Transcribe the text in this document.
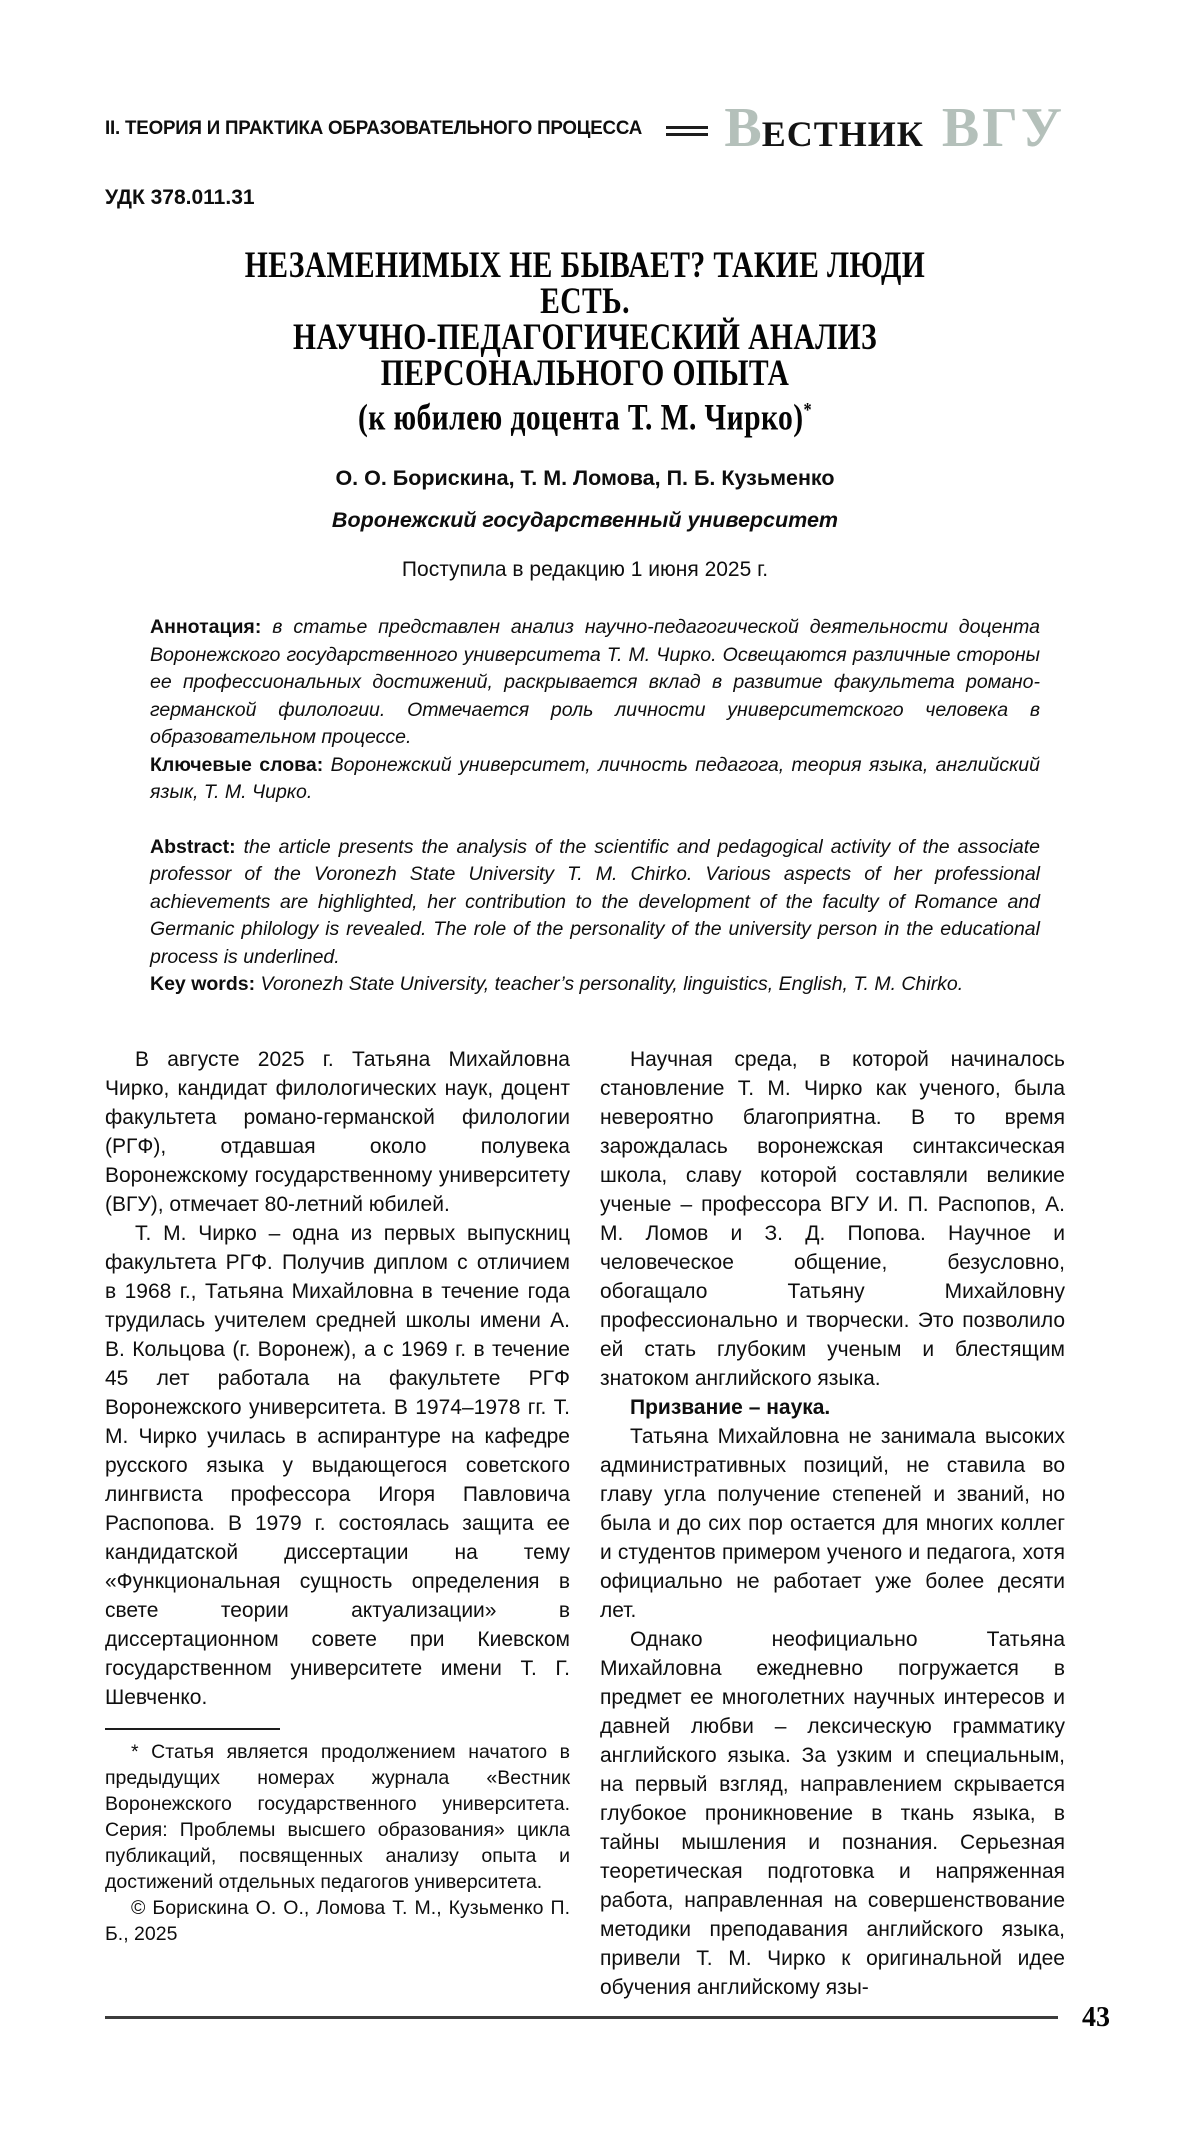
II. ТЕОРИЯ И ПРАКТИКА ОБРАЗОВАТЕЛЬНОГО ПРОЦЕССА ВЕСТНИК ВГУ
УДК 378.011.31
НЕЗАМЕНИМЫХ НЕ БЫВАЕТ? ТАКИЕ ЛЮДИ ЕСТЬ.
НАУЧНО-ПЕДАГОГИЧЕСКИЙ АНАЛИЗ
ПЕРСОНАЛЬНОГО ОПЫТА
(к юбилею доцента Т. М. Чирко)*
О. О. Борискина, Т. М. Ломова, П. Б. Кузьменко
Воронежский государственный университет
Поступила в редакцию 1 июня 2025 г.

Аннотация: в статье представлен анализ научно-педагогической деятельности доцента Воронежского государственного университета Т. М. Чирко. Освещаются различные стороны ее профессиональных достижений, раскрывается вклад в развитие факультета романо-германской филологии. Отмечается роль личности университетского человека в образовательном процессе.

Ключевые слова: Воронежский университет, личность педагога, теория языка, английский язык, Т. М. Чирко.

Abstract: the article presents the analysis of the scientific and pedagogical activity of the associate professor of the Voronezh State University T. M. Chirko. Various aspects of her professional achievements are highlighted, her contribution to the development of the faculty of Romance and Germanic philology is revealed. The role of the personality of the university person in the educational process is underlined.

Key words: Voronezh State University, teacher’s personality, linguistics, English, T. M. Chirko.

В августе 2025 г. Татьяна Михайловна Чирко, кандидат филологических наук, доцент факультета романо-германской филологии (РГФ), отдавшая около полувека Воронежскому государственному университету (ВГУ), отмечает 80-летний юбилей.

Т. М. Чирко – одна из первых выпускниц факультета РГФ. Получив диплом с отличием в 1968 г., Татьяна Михайловна в течение года трудилась учителем средней школы имени А. В. Кольцова (г. Воронеж), а с 1969 г. в течение 45 лет работала на факультете РГФ Воронежского университета. В 1974–1978 гг. Т. М. Чирко училась в аспирантуре на кафедре русского языка у выдающегося советского лингвиста профессора Игоря Павловича Распопова. В 1979 г. состоялась защита ее кандидатской диссертации на тему «Функциональная сущность определения в свете теории актуализации» в диссертационном совете при Киевском государственном университете имени Т. Г. Шевченко.

* Статья является продолжением начатого в предыдущих номерах журнала «Вестник Воронежского государственного университета. Серия: Проблемы высшего образования» цикла публикаций, посвященных анализу опыта и достижений отдельных педагогов университета.

© Борискина О. О., Ломова Т. М., Кузьменко П. Б., 2025

Научная среда, в которой начиналось становление Т. М. Чирко как ученого, была невероятно благоприятна. В то время зарождалась воронежская синтаксическая школа, славу которой составляли великие ученые – профессора ВГУ И. П. Распопов, А. М. Ломов и З. Д. Попова. Научное и человеческое общение, безусловно, обогащало Татьяну Михайловну профессионально и творчески. Это позволило ей стать глубоким ученым и блестящим знатоком английского языка.

Призвание – наука.

Татьяна Михайловна не занимала высоких административных позиций, не ставила во главу угла получение степеней и званий, но была и до сих пор остается для многих коллег и студентов примером ученого и педагога, хотя официально не работает уже более десяти лет.

Однако неофициально Татьяна Михайловна ежедневно погружается в предмет ее многолетних научных интересов и давней любви – лексическую грамматику английского языка. За узким и специальным, на первый взгляд, направлением скрывается глубокое проникновение в ткань языка, в тайны мышления и познания. Серьезная теоретическая подготовка и напряженная работа, направленная на совершенствование методики преподавания английского языка, привели Т. М. Чирко к оригинальной идее обучения английскому язы-

43
